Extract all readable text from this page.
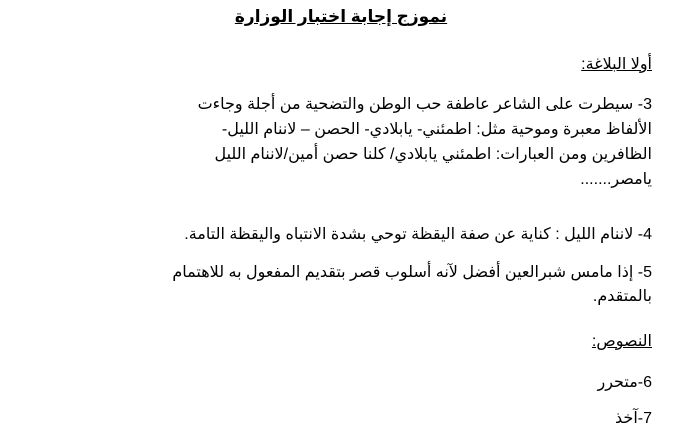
نموزج إجابة اختبار الوزارة

أولا البلاغة:

3- سيطرت على الشاعر عاطفة حب الوطن والتضحية من أجلة وجاءت

الألفاظ معبرة وموحية مثل: اطمئني- يابلادي- الحصن – لاننام الليل-

الظافرين ومن العبارات: اطمئني يابلادي/ كلنا حصن أمين/لاننام الليل

يامصر.......

4- لاننام الليل : كناية عن صفة اليقظة توحي بشدة الانتباه واليقظة التامة.

5- إذا مامس شبرالعين أفضل لآنه أسلوب قصر بتقديم المفعول به للاهتمام

بالمتقدم.

النصوص:

6-متحرر

7-آخذ
